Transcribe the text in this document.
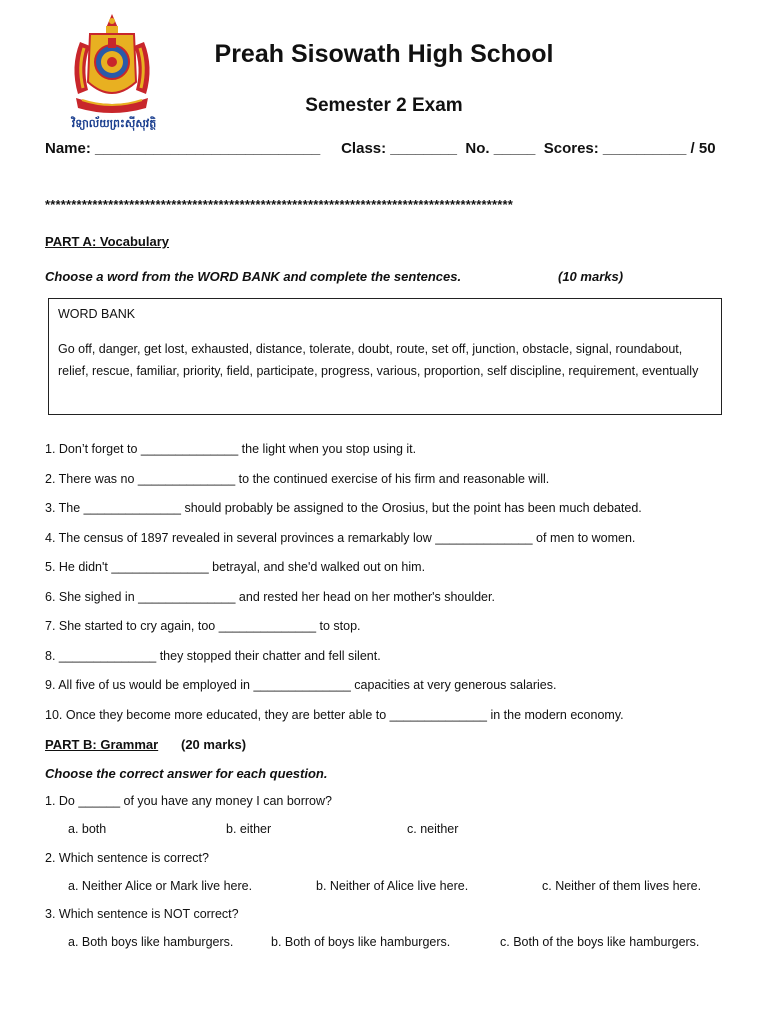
វិទ្យាល័យព្រះស៊ីសុវត្ថិ
Preah Sisowath High School
Semester 2 Exam
Name: ___________________________     Class: ________  No. _____  Scores: __________ / 50
*****************************************************************************************
PART A: Vocabulary
Choose a word from the WORD BANK and complete the sentences.	(10 marks)
WORD BANK
Go off, danger, get lost, exhausted, distance, tolerate, doubt, route, set off, junction, obstacle, signal, roundabout, relief, rescue, familiar, priority, field, participate, progress, various, proportion, self discipline, requirement, eventually
1. Don’t forget to ______________ the light when you stop using it.
2. There was no ______________ to the continued exercise of his firm and reasonable will.
3. The ______________ should probably be assigned to the Orosius, but the point has been much debated.
4. The census of 1897 revealed in several provinces a remarkably low ______________ of men to women.
5. He didn't ______________ betrayal, and she'd walked out on him.
6. She sighed in ______________ and rested her head on her mother's shoulder.
7. She started to cry again, too ______________ to stop.
8. ______________ they stopped their chatter and fell silent.
9. All five of us would be employed in ______________ capacities at very generous salaries.
10. Once they become more educated, they are better able to ______________ in the modern economy.
PART B: Grammar (20 marks)
Choose the correct answer for each question.
1. Do ______ of you have any money I can borrow?
a. both	b. either	c. neither
2. Which sentence is correct?
a. Neither Alice or Mark live here.	b. Neither of Alice live here.	c. Neither of them lives here.
3. Which sentence is NOT correct?
a. Both boys like hamburgers.	b. Both of boys like hamburgers.	c. Both of the boys like hamburgers.
